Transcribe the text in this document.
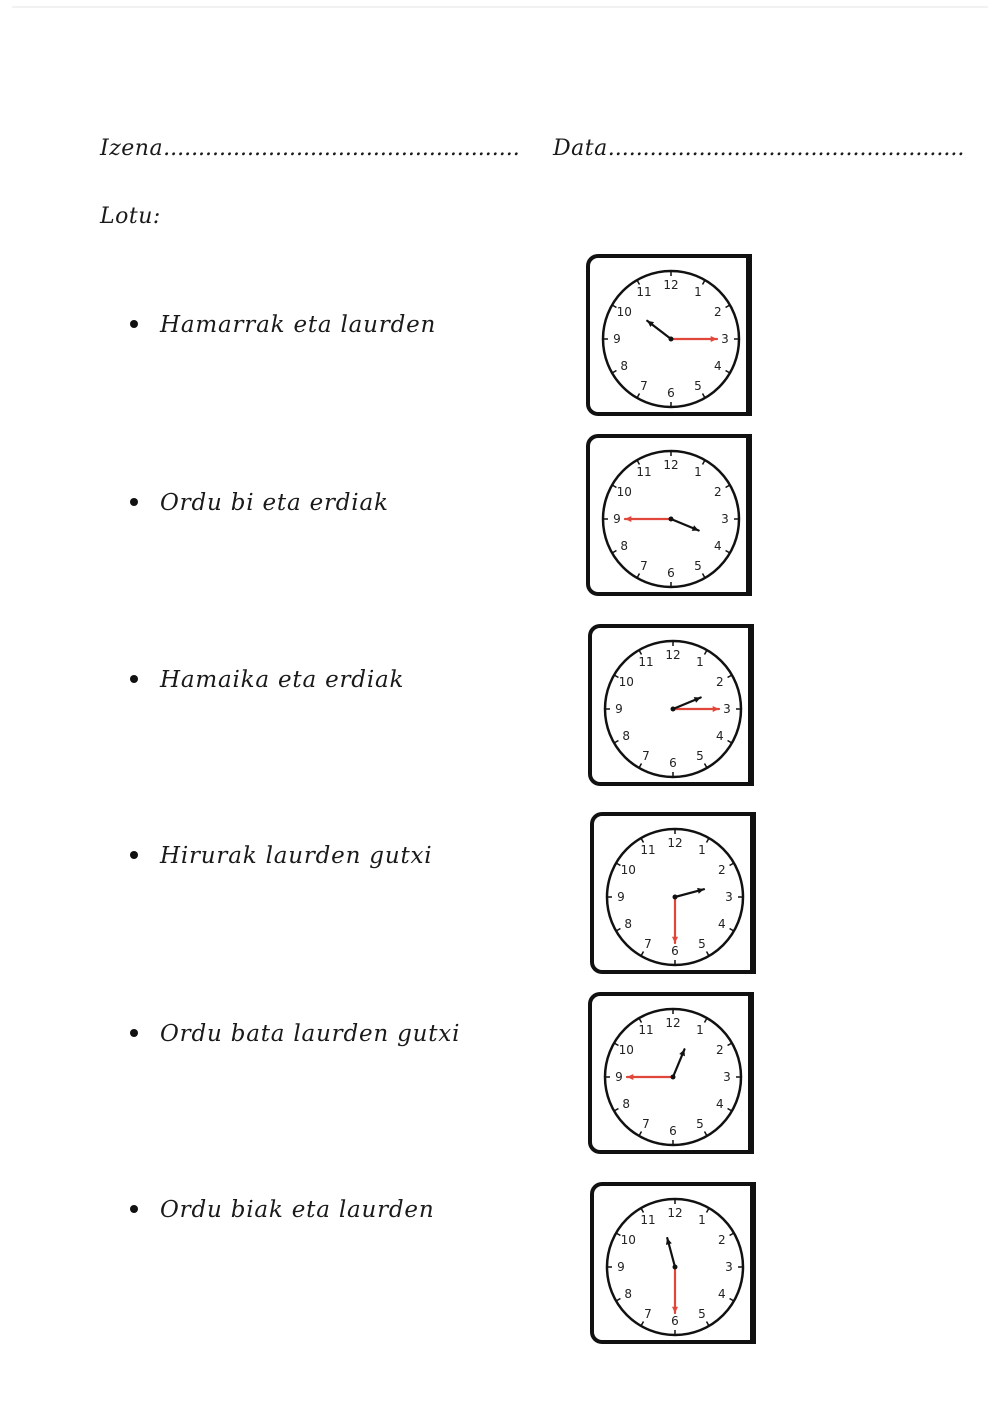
Izena................................................... Data...................................................
Lotu:
Hamarrak eta laurden
Ordu bi eta erdiak
Hamaika eta erdiak
Hirurak laurden gutxi
Ordu bata laurden gutxi
Ordu biak eta laurden
12
1
2
3
4
5
6
7
8
9
10
11
12
1
2
3
4
5
6
7
8
9
10
11
12
1
2
3
4
5
6
7
8
9
10
11
12
1
2
3
4
5
6
7
8
9
10
11
12
1
2
3
4
5
6
7
8
9
10
11
12
1
2
3
4
5
6
7
8
9
10
11
